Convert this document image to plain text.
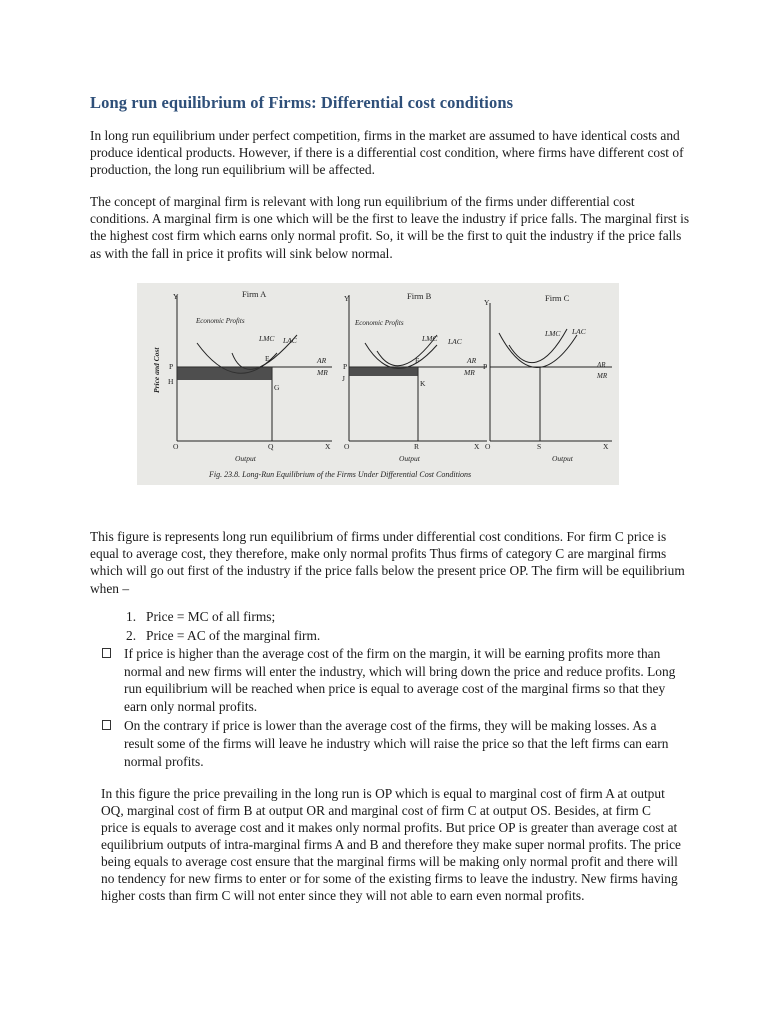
Long run equilibrium of Firms: Differential cost conditions

In long run equilibrium under perfect competition, firms in the market are assumed to have identical costs and produce identical products. However, if there is a differential cost condition, where firms have different cost of production, the long run equilibrium will be affected.

The concept of marginal firm is relevant with long run equilibrium of the firms under differential cost conditions. A marginal firm is one which will be the first to leave the industry if price falls. The marginal first is the highest cost firm which earns only normal profit. So, it will be the first to quit the industry if the price falls as with the fall in price it profits will sink below normal.

Firm A
Economic Profits
LMC LAC
AR
MR
P
H
E
G
O	Q	X
Y
Output
Price and Cost
Firm B
Economic Profits
LMC LAC
AR
MR
P
J
F
K
O	R	X
Y
Output
Firm C
LMC LAC
AR
MR
P
O	S	X
Y
Output
Fig. 23.8. Long-Run Equilibrium of the Firms Under Differential Cost Conditions

This figure is represents long run equilibrium of firms under differential cost conditions. For firm C price is equal to average cost, they therefore, make only normal profits Thus firms of category C are marginal firms which will go out first of the industry if the price falls below the present price OP. The firm will be equilibrium when –

1. Price = MC of all firms;
2. Price = AC of the marginal firm.
If price is higher than the average cost of the firm on the margin, it will be earning profits more than normal and new firms will enter the industry, which will bring down the price and reduce profits. Long run equilibrium will be reached when price is equal to average cost of the marginal firms so that they earn only normal profits.
On the contrary if price is lower than the average cost of the firms, they will be making losses. As a result some of the firms will leave he industry which will raise the price so that the left firms can earn normal profits.

In this figure the price prevailing in the long run is OP which is equal to marginal cost of firm A at output OQ, marginal cost of firm B at output OR and marginal cost of firm C at output OS. Besides, at firm C price is equals to average cost and it makes only normal profits. But price OP is greater than average cost at equilibrium outputs of intra-marginal firms A and B and therefore they make super normal profits. The price being equals to average cost ensure that the marginal firms will be making only normal profit and there will no tendency for new firms to enter or for some of the existing firms to leave the industry. New firms having higher costs than firm C will not enter since they will not able to earn even normal profits.
